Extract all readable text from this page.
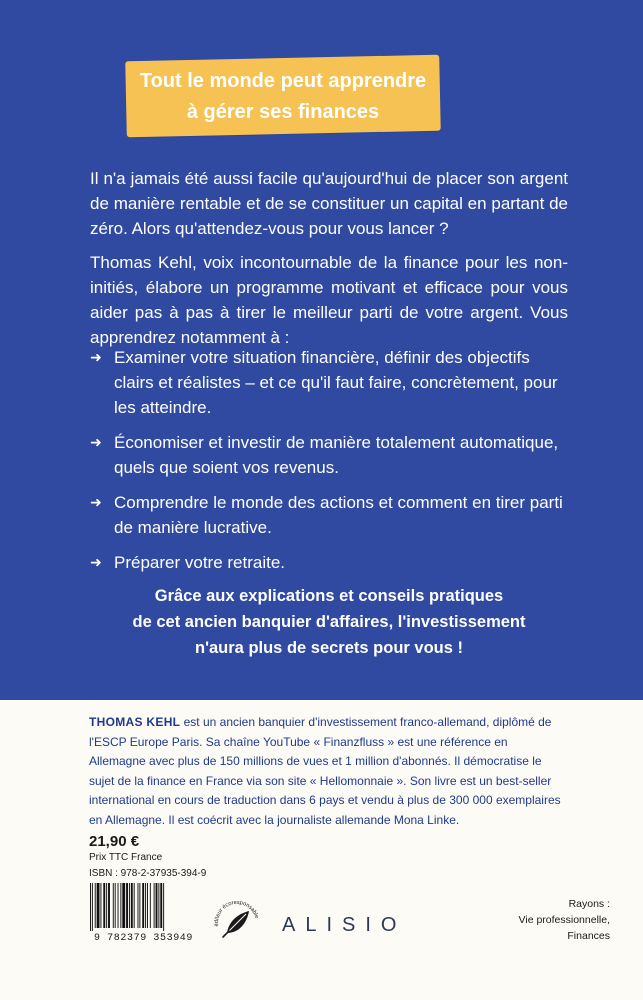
Tout le monde peut apprendre
à gérer ses finances

Il n'a jamais été aussi facile qu'aujourd'hui de placer son argent de manière rentable et de se constituer un capital en partant de zéro. Alors qu'attendez-vous pour vous lancer ?

Thomas Kehl, voix incontournable de la finance pour les non-initiés, élabore un programme motivant et efficace pour vous aider pas à pas à tirer le meilleur parti de votre argent. Vous apprendrez notamment à :

➜ Examiner votre situation financière, définir des objectifs clairs et réalistes – et ce qu'il faut faire, concrètement, pour les atteindre.
➜ Économiser et investir de manière totalement automatique, quels que soient vos revenus.
➜ Comprendre le monde des actions et comment en tirer parti de manière lucrative.
➜ Préparer votre retraite.
Grâce aux explications et conseils pratiques
de cet ancien banquier d'affaires, l'investissement
n'aura plus de secrets pour vous !
THOMAS KEHL est un ancien banquier d'investissement franco-allemand, diplômé de l'ESCP Europe Paris. Sa chaîne YouTube « Finanzfluss » est une référence en Allemagne avec plus de 150 millions de vues et 1 million d'abonnés. Il démocratise le sujet de la finance en France via son site « Hellomonnaie ». Son livre est un best-seller international en cours de traduction dans 6 pays et vendu à plus de 300 000 exemplaires en Allemagne. Il est coécrit avec la journaliste allemande Mona Linke.
21,90 €
Prix TTC France
ISBN : 978-2-37935-394-9
9 782379 353949
éditeur écoresponsable ALISIO
Rayons :
Vie professionnelle,
Finances
